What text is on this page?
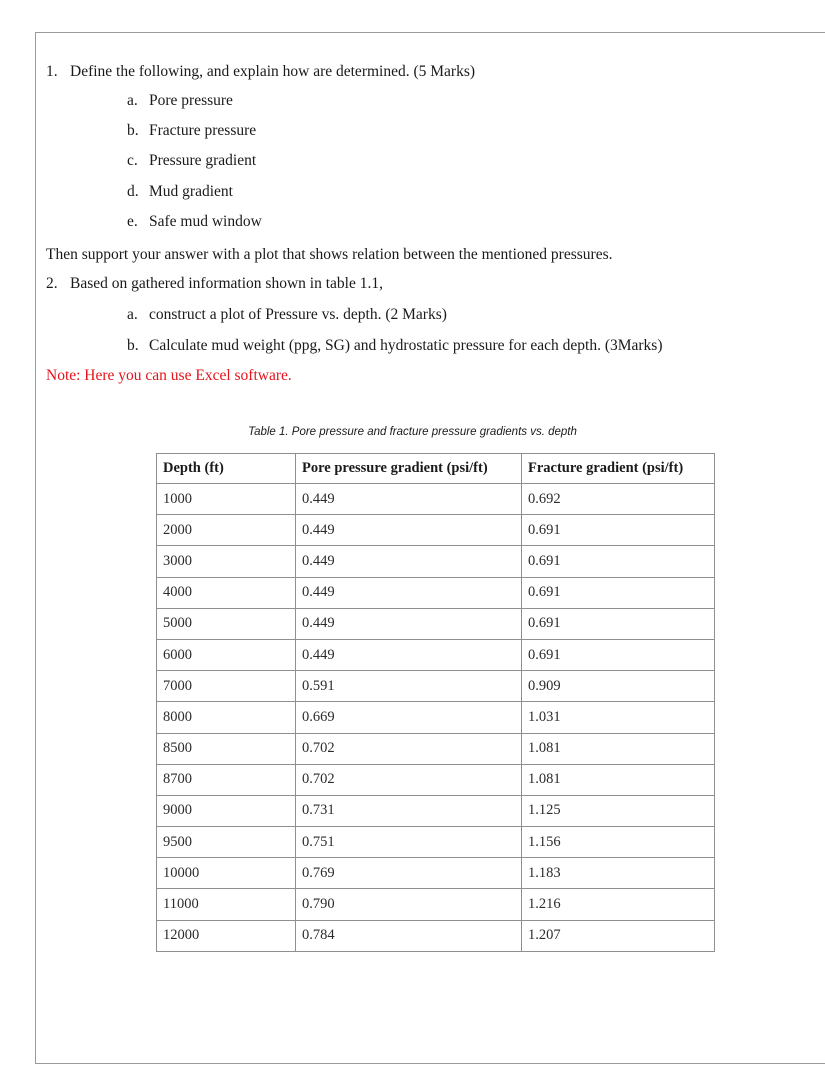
1. Define the following, and explain how are determined. (5 Marks)
a. Pore pressure
b. Fracture pressure
c. Pressure gradient
d. Mud gradient
e. Safe mud window
Then support your answer with a plot that shows relation between the mentioned pressures.
2. Based on gathered information shown in table 1.1,
a. construct a plot of Pressure vs. depth. (2 Marks)
b. Calculate mud weight (ppg, SG) and hydrostatic pressure for each depth. (3Marks)
Note: Here you can use Excel software.
Table 1. Pore pressure and fracture pressure gradients vs. depth
Depth (ft)	Pore pressure gradient (psi/ft)	Fracture gradient (psi/ft)
1000	0.449	0.692
2000	0.449	0.691
3000	0.449	0.691
4000	0.449	0.691
5000	0.449	0.691
6000	0.449	0.691
7000	0.591	0.909
8000	0.669	1.031
8500	0.702	1.081
8700	0.702	1.081
9000	0.731	1.125
9500	0.751	1.156
10000	0.769	1.183
11000	0.790	1.216
12000	0.784	1.207
